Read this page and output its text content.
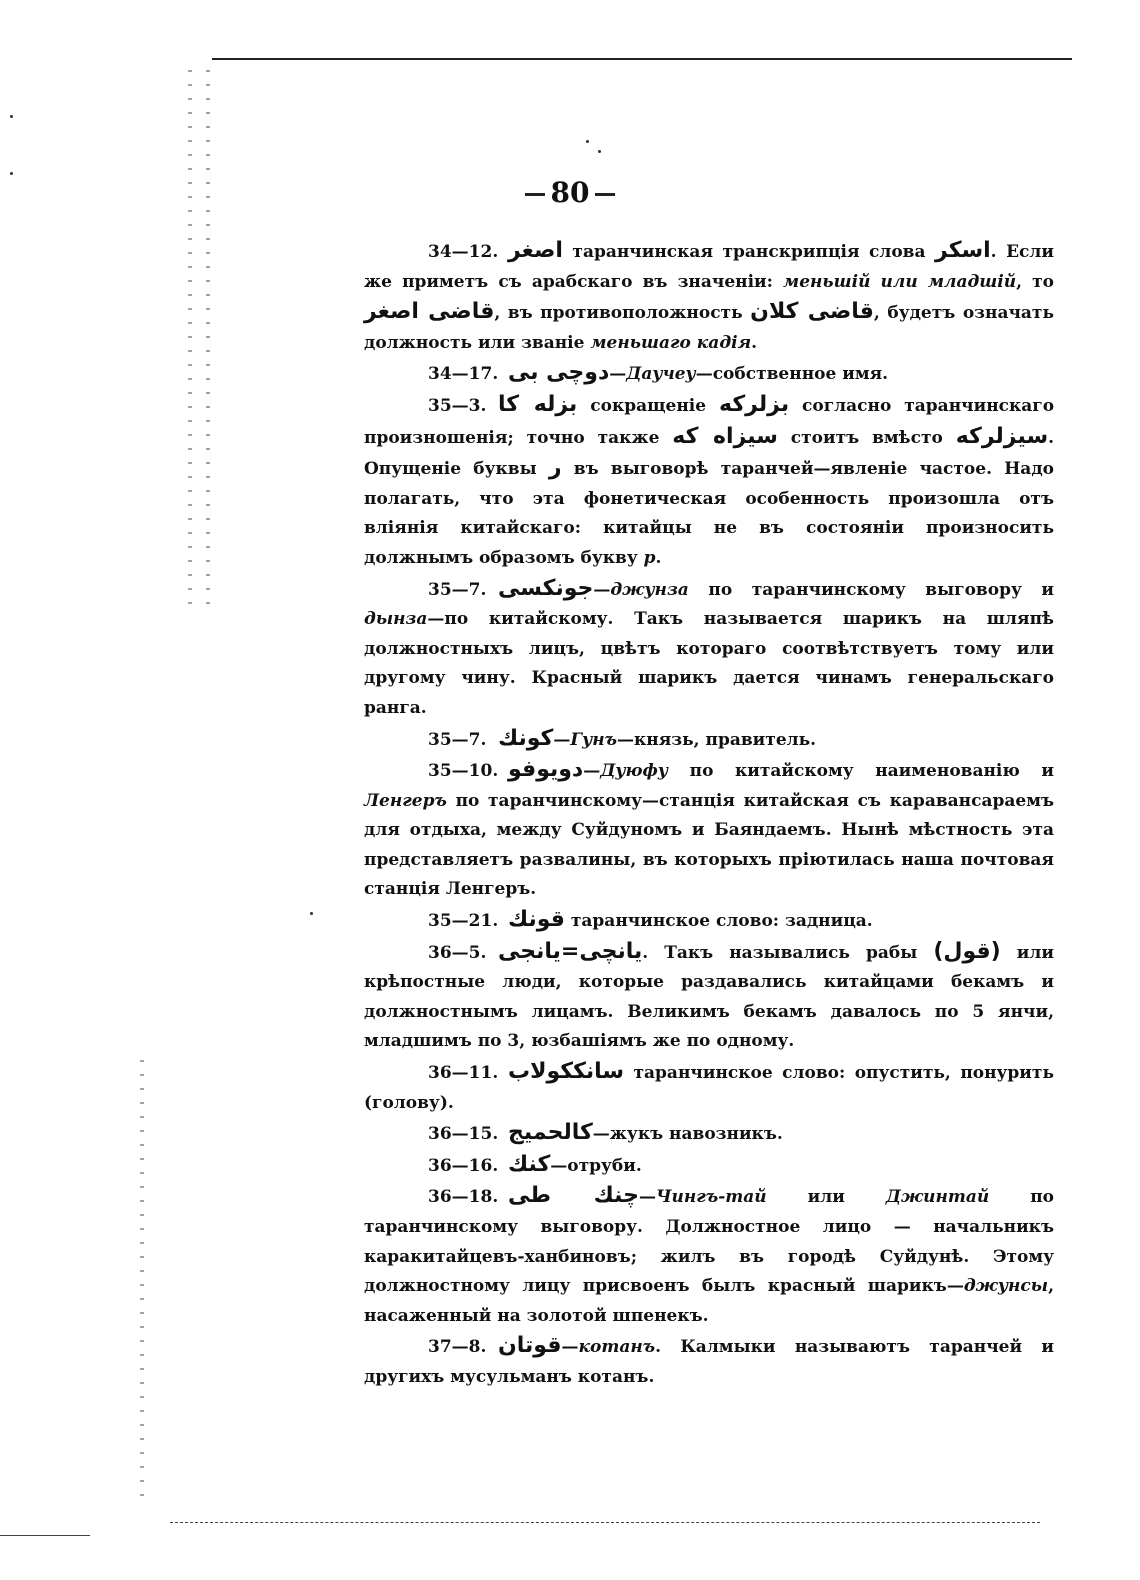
80

34—12. اصغر таранчинская транскрипція слова اسكر. Если же приметъ съ арабскаго въ значеніи: меньшій или младшій, то قاضى اصغر, въ противоположность قاضى كلان, будетъ означать должность или званіе меньшаго кадія.

34—17. دوچى بى—Даучеу—собственное имя.

35—3. بزله كا сокращеніе بزلرکه согласно таранчинскаго произношенія; точно также سیزاه که стоитъ вмѣсто سیزلرکه. Опущеніе буквы ر въ выговорѣ таранчей—явленіе частое. Надо полагать, что эта фонетическая особенность произошла отъ вліянія китайскаго: китайцы не въ состояніи произносить должнымъ образомъ букву р.

35—7. جونكسى—джунза по таранчинскому выговору и дынза—по китайскому. Такъ называется шарикъ на шляпѣ должностныхъ лицъ, цвѣтъ котораго соотвѣтствуетъ тому или другому чину. Красный шарикъ дается чинамъ генеральскаго ранга.

35—7. كونك—Гунъ—князь, правитель.

35—10. دويوفو—Дуюфу по китайскому наименованію и Ленгеръ по таранчинскому—станція китайская съ каравансараемъ для отдыха, между Суйдуномъ и Баяндаемъ. Нынѣ мѣстность эта представляетъ развалины, въ которыхъ пріютилась наша почтовая станція Ленгеръ.

35—21. قونك таранчинское слово: задница.

36—5. يانچى=يانجى. Такъ назывались рабы (قول) или крѣпостные люди, которые раздавались китайцами бекамъ и должностнымъ лицамъ. Великимъ бекамъ давалось по 5 янчи, младшимъ по 3, юзбашіямъ же по одному.

36—11. سانككولاب таранчинское слово: опустить, понурить (голову).

36—15. كالحميج—жукъ навозникъ.

36—16. كنك—отруби.

36—18. چنك طى—Чингъ-тай или Джинтай по таранчинскому выговору. Должностное лицо — начальникъ каракитайцевъ-ханбиновъ; жилъ въ городѣ Суйдунѣ. Этому должностному лицу присвоенъ былъ красный шарикъ—джунсы, насаженный на золотой шпенекъ.

37—8. قوتان—котанъ. Калмыки называютъ таранчей и другихъ мусульманъ котанъ.
